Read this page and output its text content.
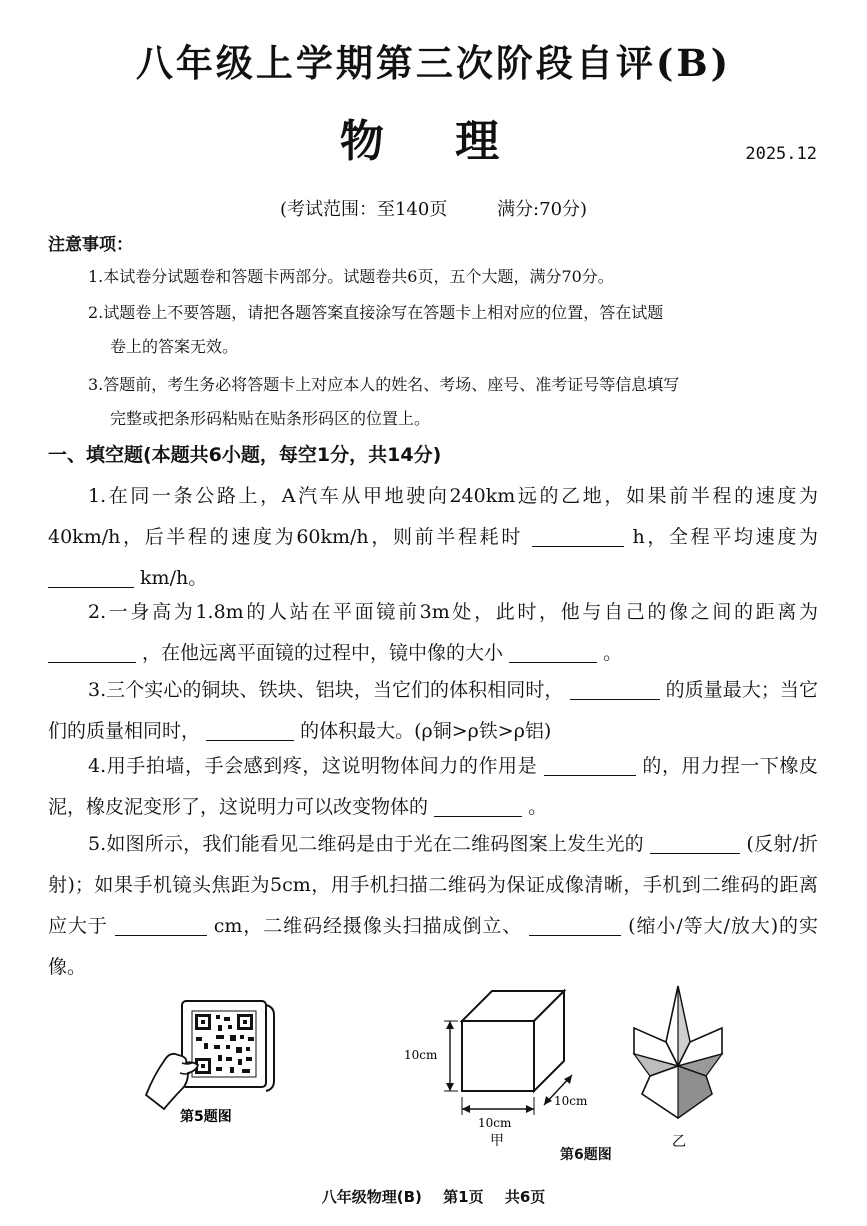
八年级上学期第三次阶段自评(B)
物 理	2025.12
(考试范围：至140页	满分:70分)
注意事项：
1.本试卷分试题卷和答题卡两部分。试题卷共6页，五个大题，满分70分。
2.试题卷上不要答题，请把各题答案直接涂写在答题卡上相对应的位置，答在试题
卷上的答案无效。
3.答题前，考生务必将答题卡上对应本人的姓名、考场、座号、准考证号等信息填写
完整或把条形码粘贴在贴条形码区的位置上。
一、填空题(本题共6小题，每空1分，共14分)
1.在同一条公路上，A汽车从甲地驶向240km远的乙地，如果前半程的速度为40km/h，后半程的速度为60km/h，则前半程耗时	h，全程平均速度为  km/h。
2.一身高为1.8m的人站在平面镜前3m处，此时，他与自己的像之间的距离为  ，在他远离平面镜的过程中，镜中像的大小	。
3.三个实心的铜块、铁块、铝块，当它们的体积相同时，	的质量最大；当它们的质量相同时，	的体积最大。(ρ铜>ρ铁>ρ铝)
4.用手拍墙，手会感到疼，这说明物体间力的作用是	的，用力捏一下橡皮泥，橡皮泥变形了，这说明力可以改变物体的	。
5.如图所示，我们能看见二维码是由于光在二维码图案上发生光的	(反射/折射)；如果手机镜头焦距为5cm，用手机扫描二维码为保证成像清晰，手机到二维码的距离应大于	cm，二维码经摄像头扫描成倒立、	(缩小/等大/放大)的实像。
第5题图
10cm
10cm
10cm
甲
第6题图
乙
八年级物理(B) 第1页 共6页
